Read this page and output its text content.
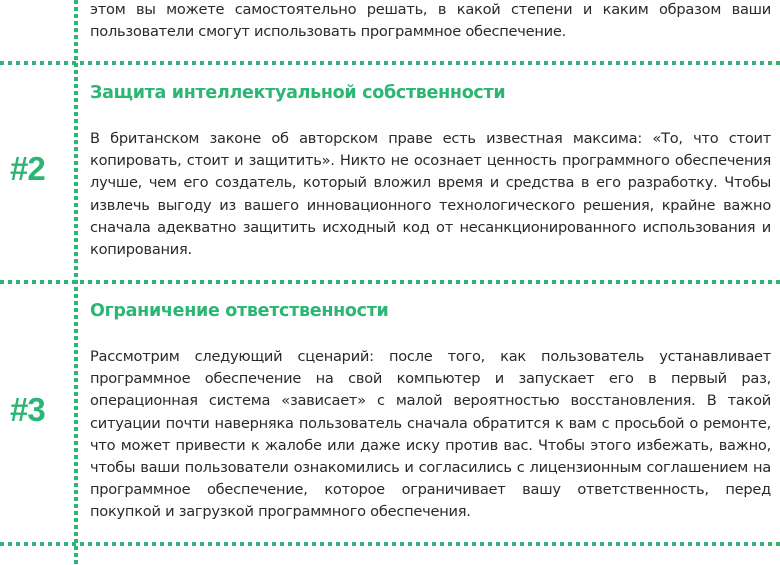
этом вы можете самостоятельно решать, в какой степени и каким образом ваши пользователи смогут использовать программное обеспечение.
#2
Защита интеллектуальной собственности
В британском законе об авторском праве есть известная максима: «То, что стоит копировать, стоит и защитить». Никто не осознает ценность программного обеспечения лучше, чем его создатель, который вложил время и средства в его разработку. Чтобы извлечь выгоду из вашего инновационного технологического решения, крайне важно сначала адекватно защитить исходный код от несанкционированного использования и копирования.
#3
Ограничение ответственности
Рассмотрим следующий сценарий: после того, как пользователь устанавливает программное обеспечение на свой компьютер и запускает его в первый раз, операционная система «зависает» с малой вероятностью восстановления. В такой ситуации почти наверняка пользователь сначала обратится к вам с просьбой о ремонте, что может привести к жалобе или даже иску против вас. Чтобы этого избежать, важно, чтобы ваши пользователи ознакомились и согласились с лицензионным соглашением на программное обеспечение, которое ограничивает вашу ответственность, перед покупкой и загрузкой программного обеспечения.
